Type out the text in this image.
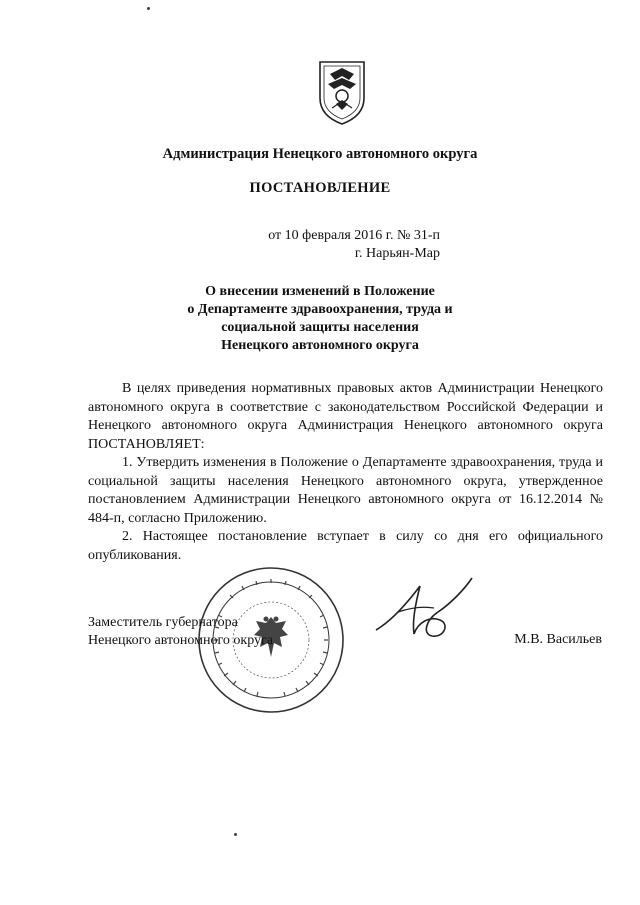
Администрация Ненецкого автономного округа
ПОСТАНОВЛЕНИЕ
от 10 февраля 2016 г. № 31-п
г. Нарьян-Мар
О внесении изменений в Положение
о Департаменте здравоохранения, труда и
социальной защиты населения
Ненецкого автономного округа

В целях приведения нормативных правовых актов Администрации Ненецкого автономного округа в соответствие с законодательством Российской Федерации и Ненецкого автономного округа Администрация Ненецкого автономного округа ПОСТАНОВЛЯЕТ:

1. Утвердить изменения в Положение о Департаменте здравоохранения, труда и социальной защиты населения Ненецкого автономного округа, утвержденное постановлением Администрации Ненецкого автономного округа от 16.12.2014 № 484-п, согласно Приложению.

2. Настоящее постановление вступает в силу со дня его официального опубликования.

Заместитель губернатора
Ненецкого автономного округа	М.В. Васильев
